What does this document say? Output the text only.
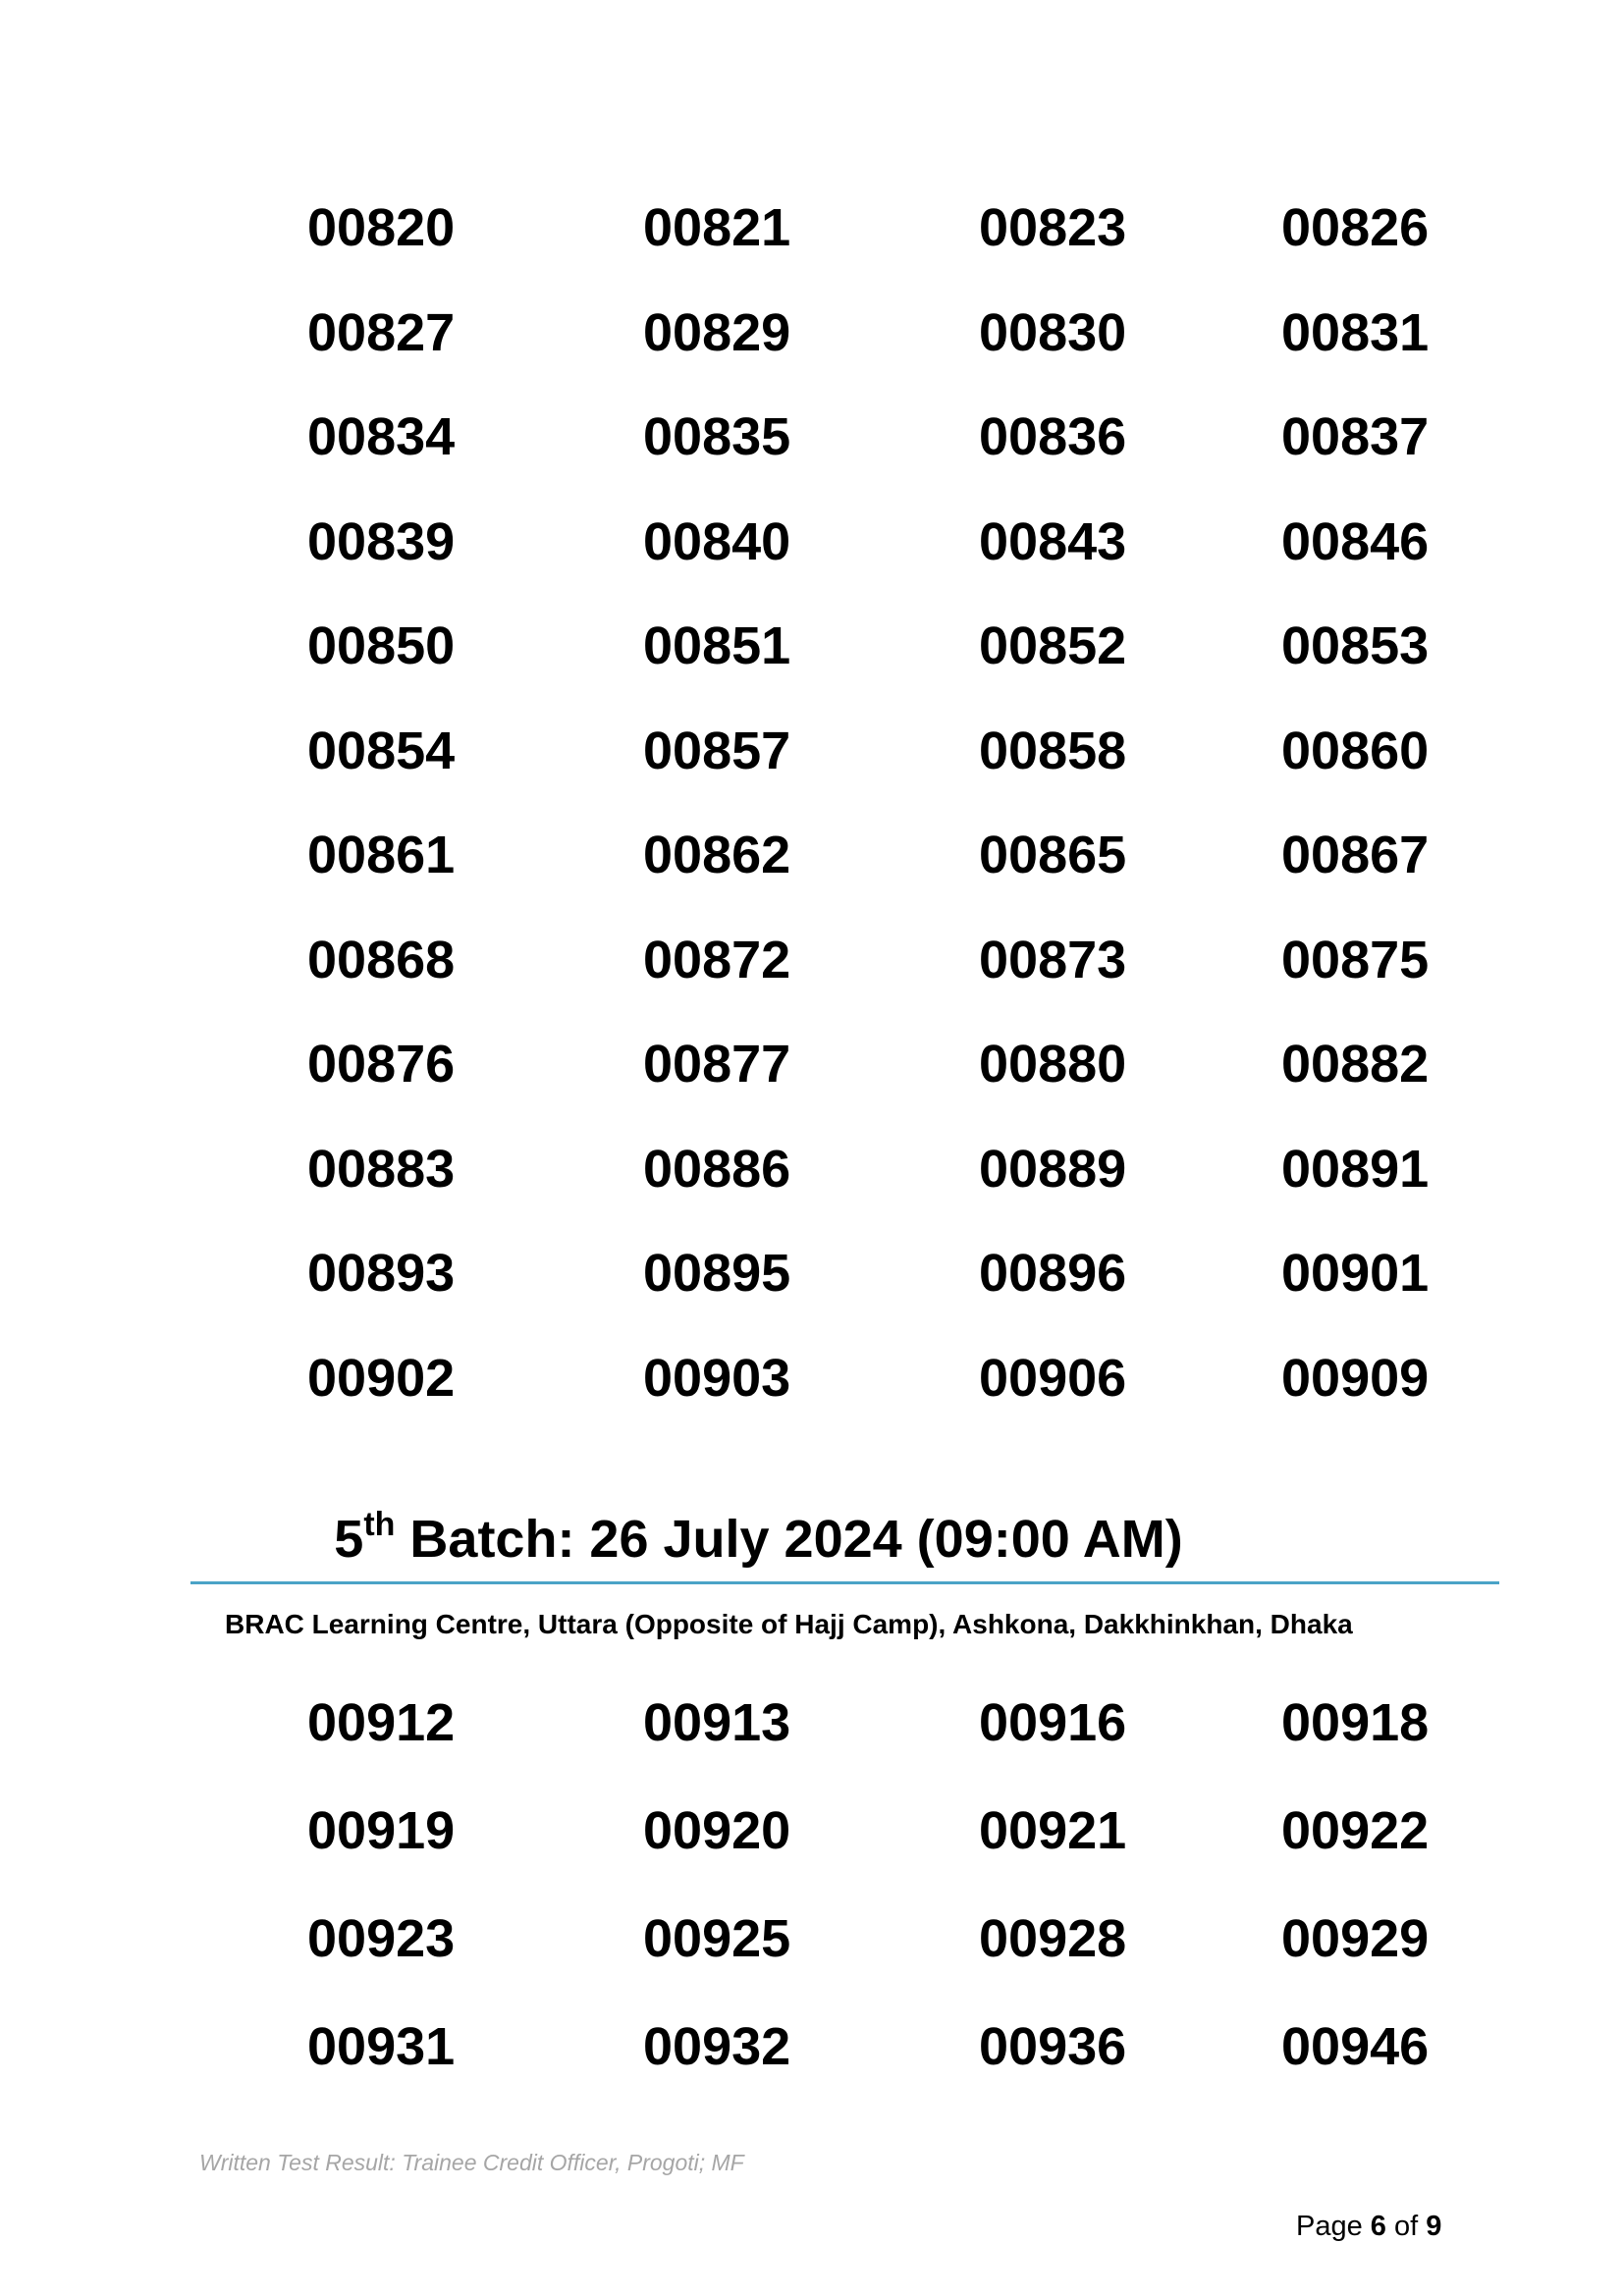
00820	00821	00823	00826
00827	00829	00830	00831
00834	00835	00836	00837
00839	00840	00843	00846
00850	00851	00852	00853
00854	00857	00858	00860
00861	00862	00865	00867
00868	00872	00873	00875
00876	00877	00880	00882
00883	00886	00889	00891
00893	00895	00896	00901
00902	00903	00906	00909
5th Batch: 26 July 2024 (09:00 AM)
BRAC Learning Centre, Uttara (Opposite of Hajj Camp), Ashkona, Dakkhinkhan, Dhaka
00912	00913	00916	00918
00919	00920	00921	00922
00923	00925	00928	00929
00931	00932	00936	00946
Written Test Result: Trainee Credit Officer, Progoti; MF
Page 6 of 9
